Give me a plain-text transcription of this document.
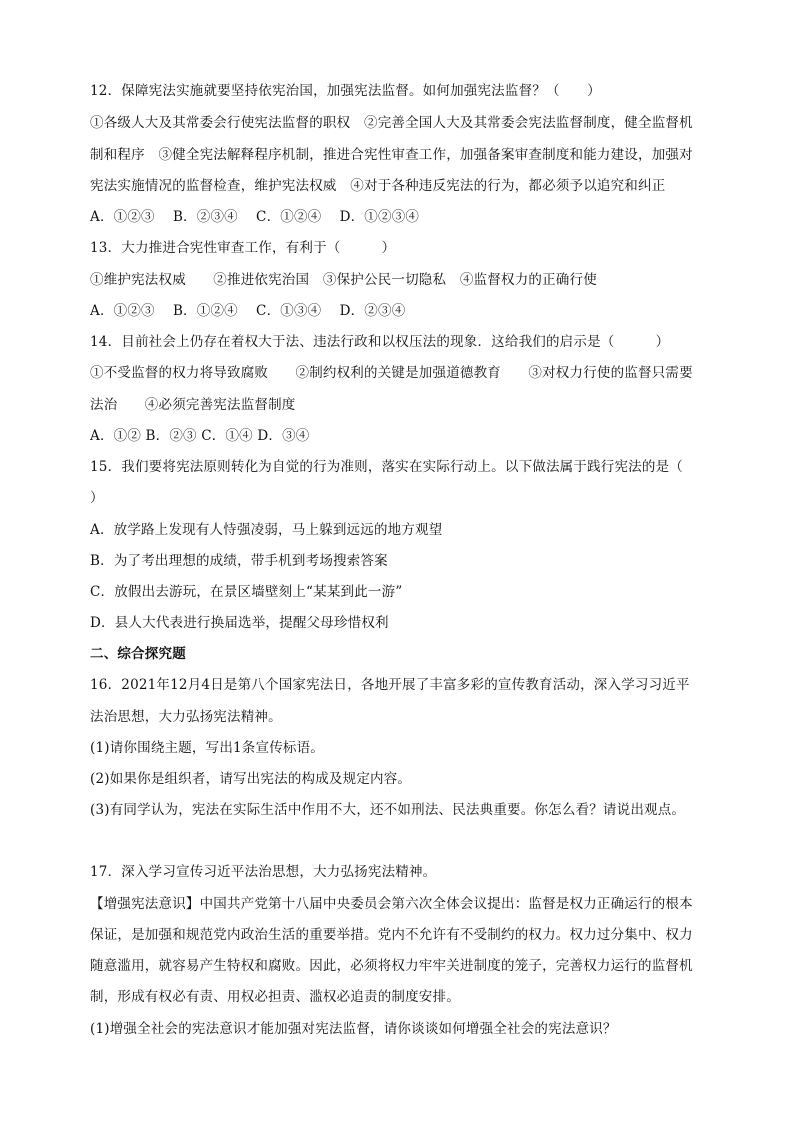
12．保障宪法实施就要坚持依宪治国，加强宪法监督。如何加强宪法监督？（　　）
①各级人大及其常委会行使宪法监督的职权　②完善全国人大及其常委会宪法监督制度，健全监督机
制和程序　③健全宪法解释程序机制，推进合宪性审查工作，加强备案审查制度和能力建设，加强对
宪法实施情况的监督检查，维护宪法权威　④对于各种违反宪法的行为，都必须予以追究和纠正
A．①②③　 B．②③④　 C．①②④　 D．①②③④
13．大力推进合宪性审查工作，有利于（　　　）
①维护宪法权威　　②推进依宪治国　③保护公民一切隐私　④监督权力的正确行使
A．①②③　 B．①②④　 C．①③④　 D．②③④
14．目前社会上仍存在着权大于法、违法行政和以权压法的现象．这给我们的启示是（　　　）
①不受监督的权力将导致腐败　　②制约权利的关键是加强道德教育　　③对权力行使的监督只需要
法治　　④必须完善宪法监督制度
A．①② B．②③ C．①④ D．③④
15．我们要将宪法原则转化为自觉的行为准则，落实在实际行动上。以下做法属于践行宪法的是（
）
A．放学路上发现有人恃强凌弱，马上躲到远远的地方观望
B．为了考出理想的成绩，带手机到考场搜索答案
C．放假出去游玩，在景区墙壁刻上“某某到此一游”
D．县人大代表进行换届选举，提醒父母珍惜权利
二、综合探究题
16．2021年12月4日是第八个国家宪法日，各地开展了丰富多彩的宣传教育活动，深入学习习近平
法治思想，大力弘扬宪法精神。
(1)请你围绕主题，写出1条宣传标语。
(2)如果你是组织者，请写出宪法的构成及规定内容。
(3)有同学认为，宪法在实际生活中作用不大，还不如刑法、民法典重要。你怎么看？请说出观点。
17．深入学习宣传习近平法治思想，大力弘扬宪法精神。
【增强宪法意识】中国共产党第十八届中央委员会第六次全体会议提出：监督是权力正确运行的根本
保证，是加强和规范党内政治生活的重要举措。党内不允许有不受制约的权力。权力过分集中、权力
随意滥用，就容易产生特权和腐败。因此，必须将权力牢牢关进制度的笼子，完善权力运行的监督机
制，形成有权必有责、用权必担责、滥权必追责的制度安排。
(1)增强全社会的宪法意识才能加强对宪法监督，请你谈谈如何增强全社会的宪法意识？
